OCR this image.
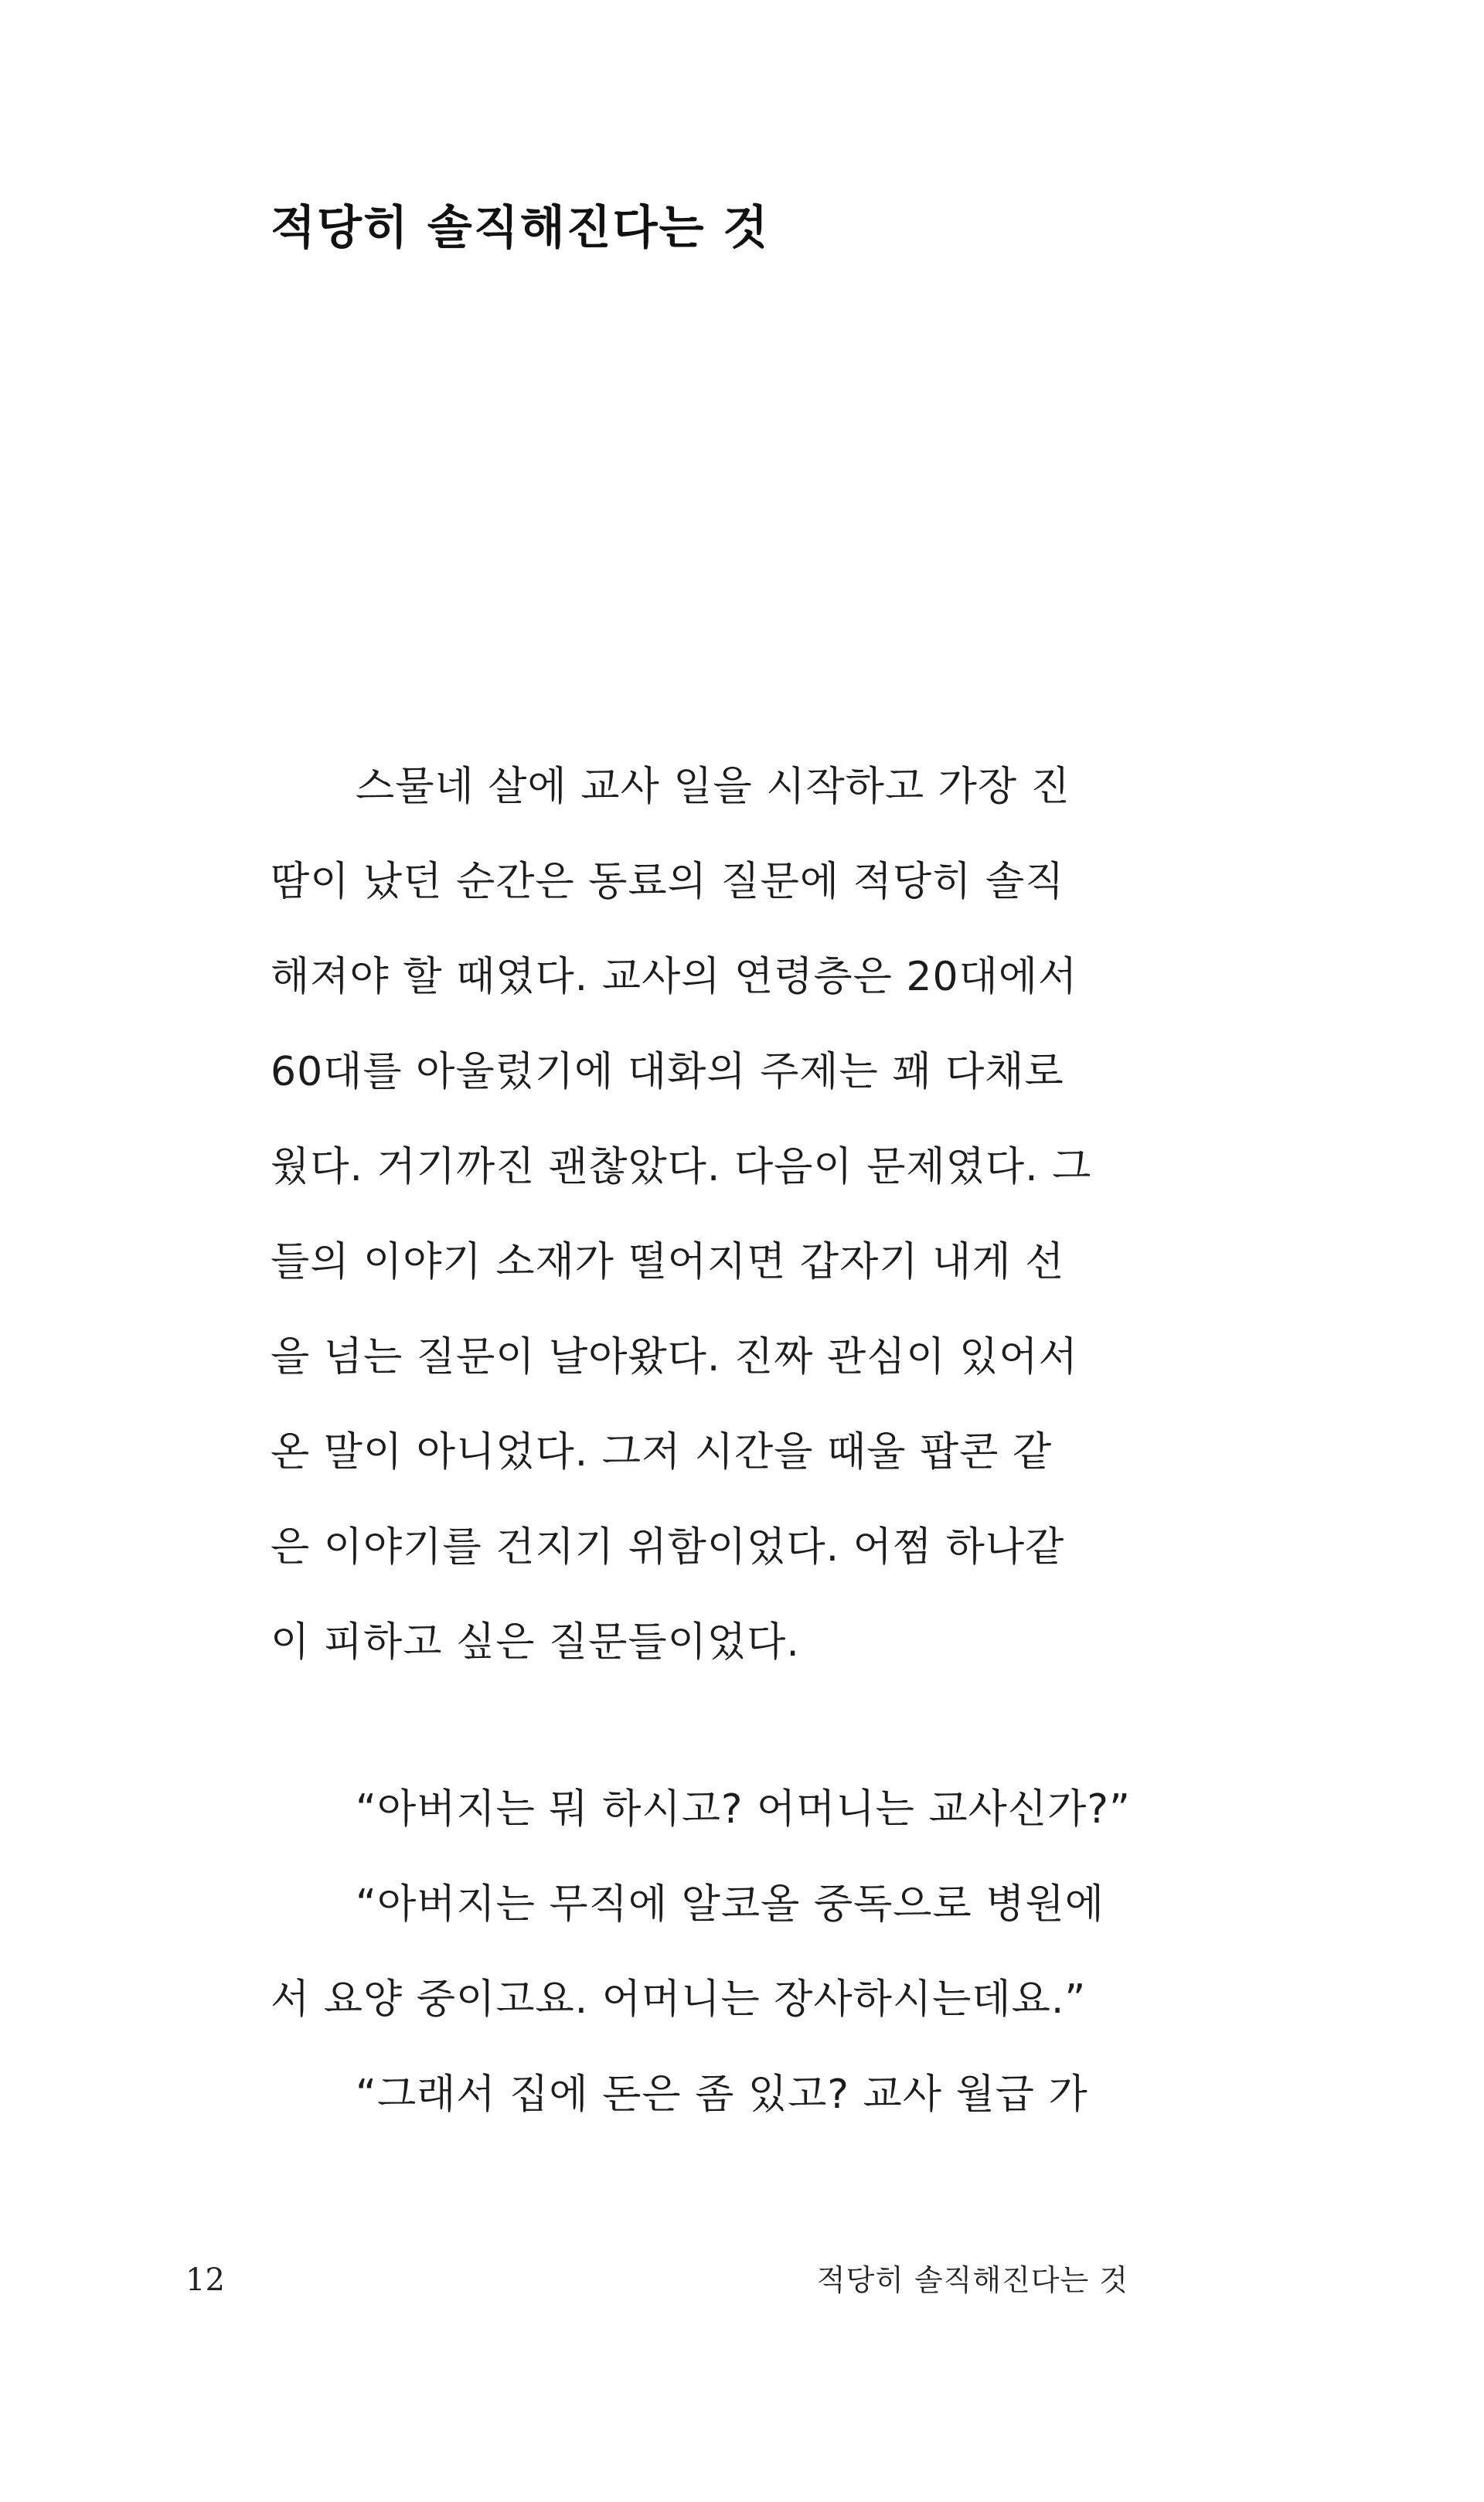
적당히 솔직해진다는 것

스물네 살에 교사 일을 시작하고 가장 진
땀이 났던 순간은 동료의 질문에 적당히 솔직
해져야 할 때였다. 교사의 연령층은 20대에서
60대를 아울렀기에 대화의 주제는 꽤 다채로
웠다. 거기까진 괜찮았다. 다음이 문제였다. 그
들의 이야기 소재가 떨어지면 갑자기 내게 선
을 넘는 질문이 날아왔다. 진짜 관심이 있어서
온 말이 아니었다. 그저 시간을 때울 팝콘 같
은 이야기를 건지기 위함이었다. 어쩜 하나같
이 피하고 싶은 질문들이었다.

“아버지는 뭐 하시고? 어머니는 교사신가?”
“아버지는 무직에 알코올 중독으로 병원에
서 요양 중이고요. 어머니는 장사하시는데요.”
“그래서 집에 돈은 좀 있고? 교사 월급 가

12	적당히 솔직해진다는 것
